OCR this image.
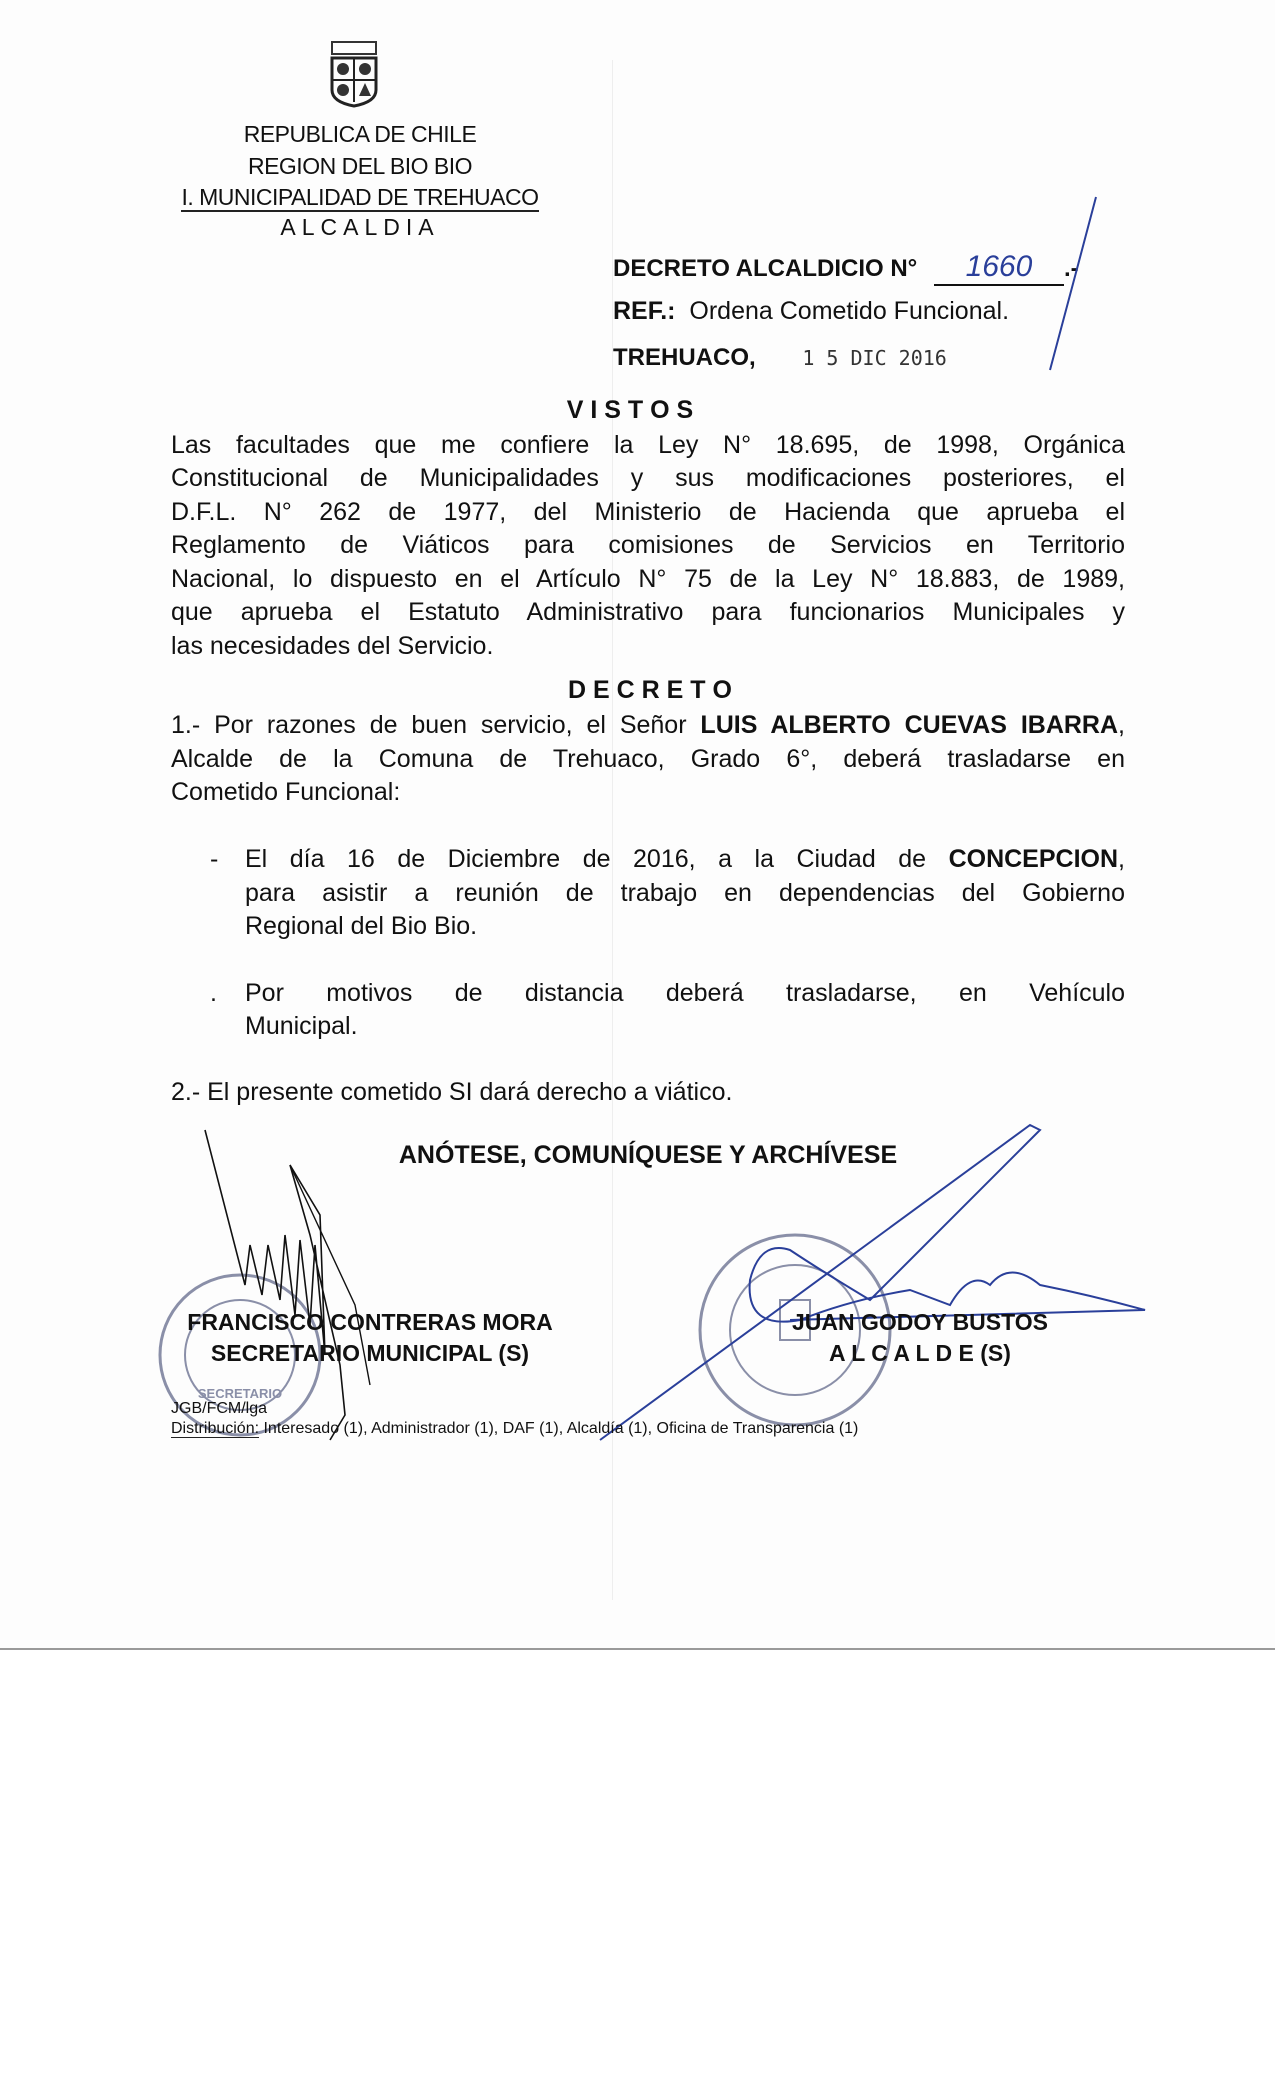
REPUBLICA DE CHILE
REGION DEL BIO BIO
I. MUNICIPALIDAD DE TREHUACO
ALCALDIA
DECRETO ALCALDICIO N° 1660 .-
REF.: Ordena Cometido Funcional.
TREHUACO, 1 5 DIC 2016
V I S T O S
Las facultades que me confiere la Ley N° 18.695, de 1998, Orgánica
Constitucional de Municipalidades y sus modificaciones posteriores, el
D.F.L. N° 262 de 1977, del Ministerio de Hacienda que aprueba el
Reglamento de Viáticos para comisiones de Servicios en Territorio
Nacional, lo dispuesto en el Artículo N° 75 de la Ley N° 18.883, de 1989,
que aprueba el Estatuto Administrativo para funcionarios Municipales y
las necesidades del Servicio.
D E C R E T O
1.- Por razones de buen servicio, el Señor LUIS ALBERTO CUEVAS IBARRA,
Alcalde de la Comuna de Trehuaco, Grado 6°, deberá trasladarse en
Cometido Funcional:
- El día 16 de Diciembre de 2016, a la Ciudad de CONCEPCION,
para asistir a reunión de trabajo en dependencias del Gobierno
Regional del Bio Bio.
. Por motivos de distancia deberá trasladarse, en Vehículo
Municipal.
2.- El presente cometido SI dará derecho a viático.
ANÓTESE, COMUNÍQUESE Y ARCHÍVESE
SECRETARIO
FRANCISCO CONTRERAS MORA
SECRETARIO MUNICIPAL (S)
JUAN GODOY BUSTOS
A L C A L D E (S)
JGB/FCM/lga
Distribución: Interesado (1), Administrador (1), DAF (1), Alcaldía (1), Oficina de Transparencia (1)
